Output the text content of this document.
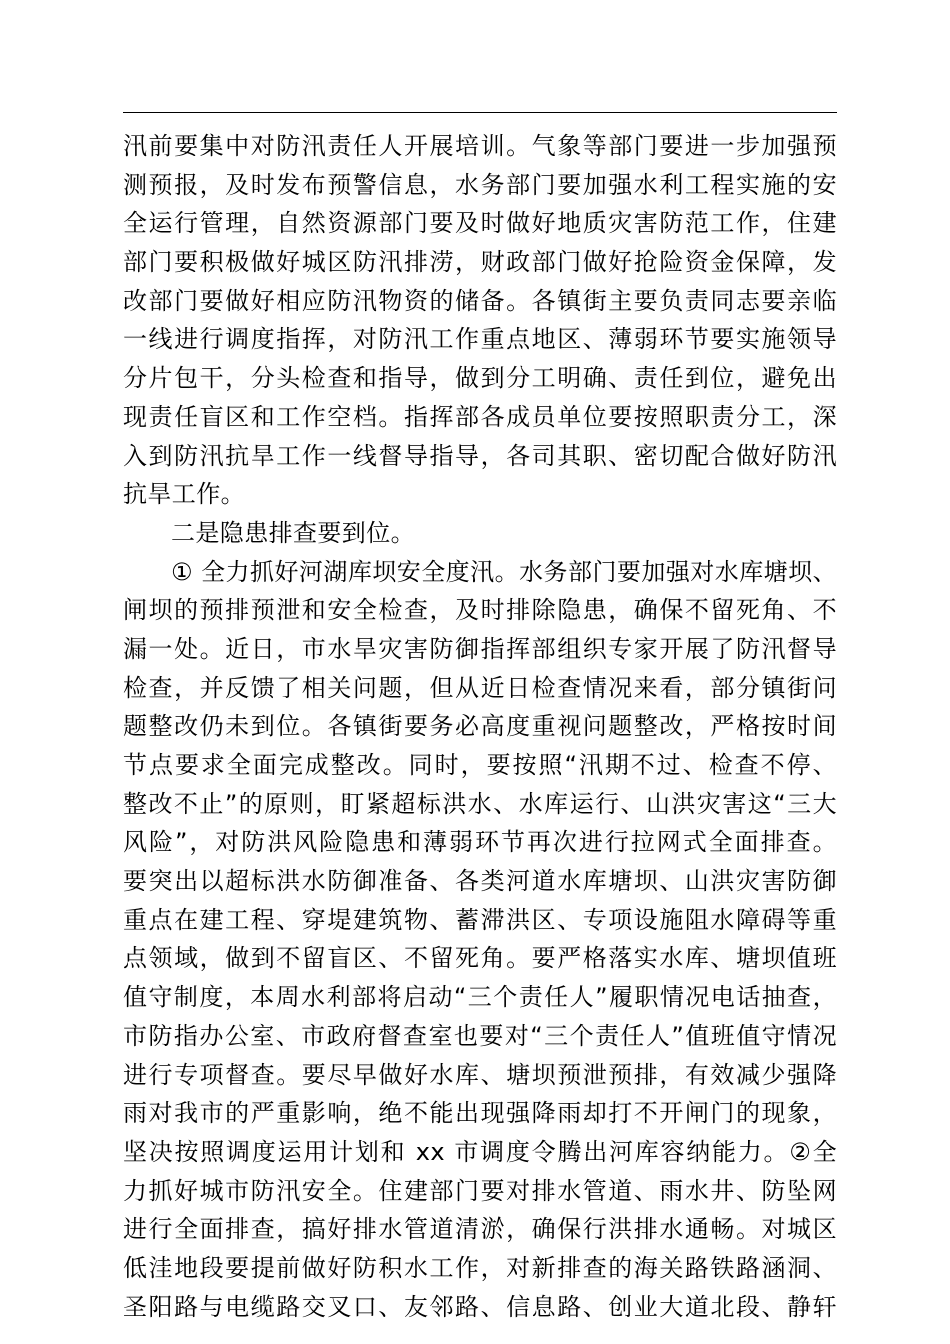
汛前要集中对防汛责任人开展培训。气象等部门要进一步加强预
测预报，及时发布预警信息，水务部门要加强水利工程实施的安
全运行管理，自然资源部门要及时做好地质灾害防范工作，住建
部门要积极做好城区防汛排涝，财政部门做好抢险资金保障，发
改部门要做好相应防汛物资的储备。各镇街主要负责同志要亲临
一线进行调度指挥，对防汛工作重点地区、薄弱环节要实施领导
分片包干，分头检查和指导，做到分工明确、责任到位，避免出
现责任盲区和工作空档。指挥部各成员单位要按照职责分工，深
入到防汛抗旱工作一线督导指导，各司其职、密切配合做好防汛
抗旱工作。
二是隐患排查要到位。
① 全力抓好河湖库坝安全度汛。水务部门要加强对水库塘坝、
闸坝的预排预泄和安全检查，及时排除隐患，确保不留死角、不
漏一处。近日，市水旱灾害防御指挥部组织专家开展了防汛督导
检查，并反馈了相关问题，但从近日检查情况来看，部分镇街问
题整改仍未到位。各镇街要务必高度重视问题整改，严格按时间
节点要求全面完成整改。同时，要按照“汛期不过、检查不停、
整改不止”的原则，盯紧超标洪水、水库运行、山洪灾害这“三大
风险”，对防洪风险隐患和薄弱环节再次进行拉网式全面排查。
要突出以超标洪水防御准备、各类河道水库塘坝、山洪灾害防御
重点在建工程、穿堤建筑物、蓄滞洪区、专项设施阻水障碍等重
点领域，做到不留盲区、不留死角。要严格落实水库、塘坝值班
值守制度，本周水利部将启动“三个责任人”履职情况电话抽查，
市防指办公室、市政府督查室也要对“三个责任人”值班值守情况
进行专项督查。要尽早做好水库、塘坝预泄预排，有效减少强降
雨对我市的严重影响，绝不能出现强降雨却打不开闸门的现象，
坚决按照调度运用计划和 xx 市调度令腾出河库容纳能力。②全
力抓好城市防汛安全。住建部门要对排水管道、雨水井、防坠网
进行全面排查，搞好排水管道清淤，确保行洪排水通畅。对城区
低洼地段要提前做好防积水工作，对新排查的海关路铁路涵洞、
圣阳路与电缆路交叉口、友邻路、信息路、创业大道北段、静轩
